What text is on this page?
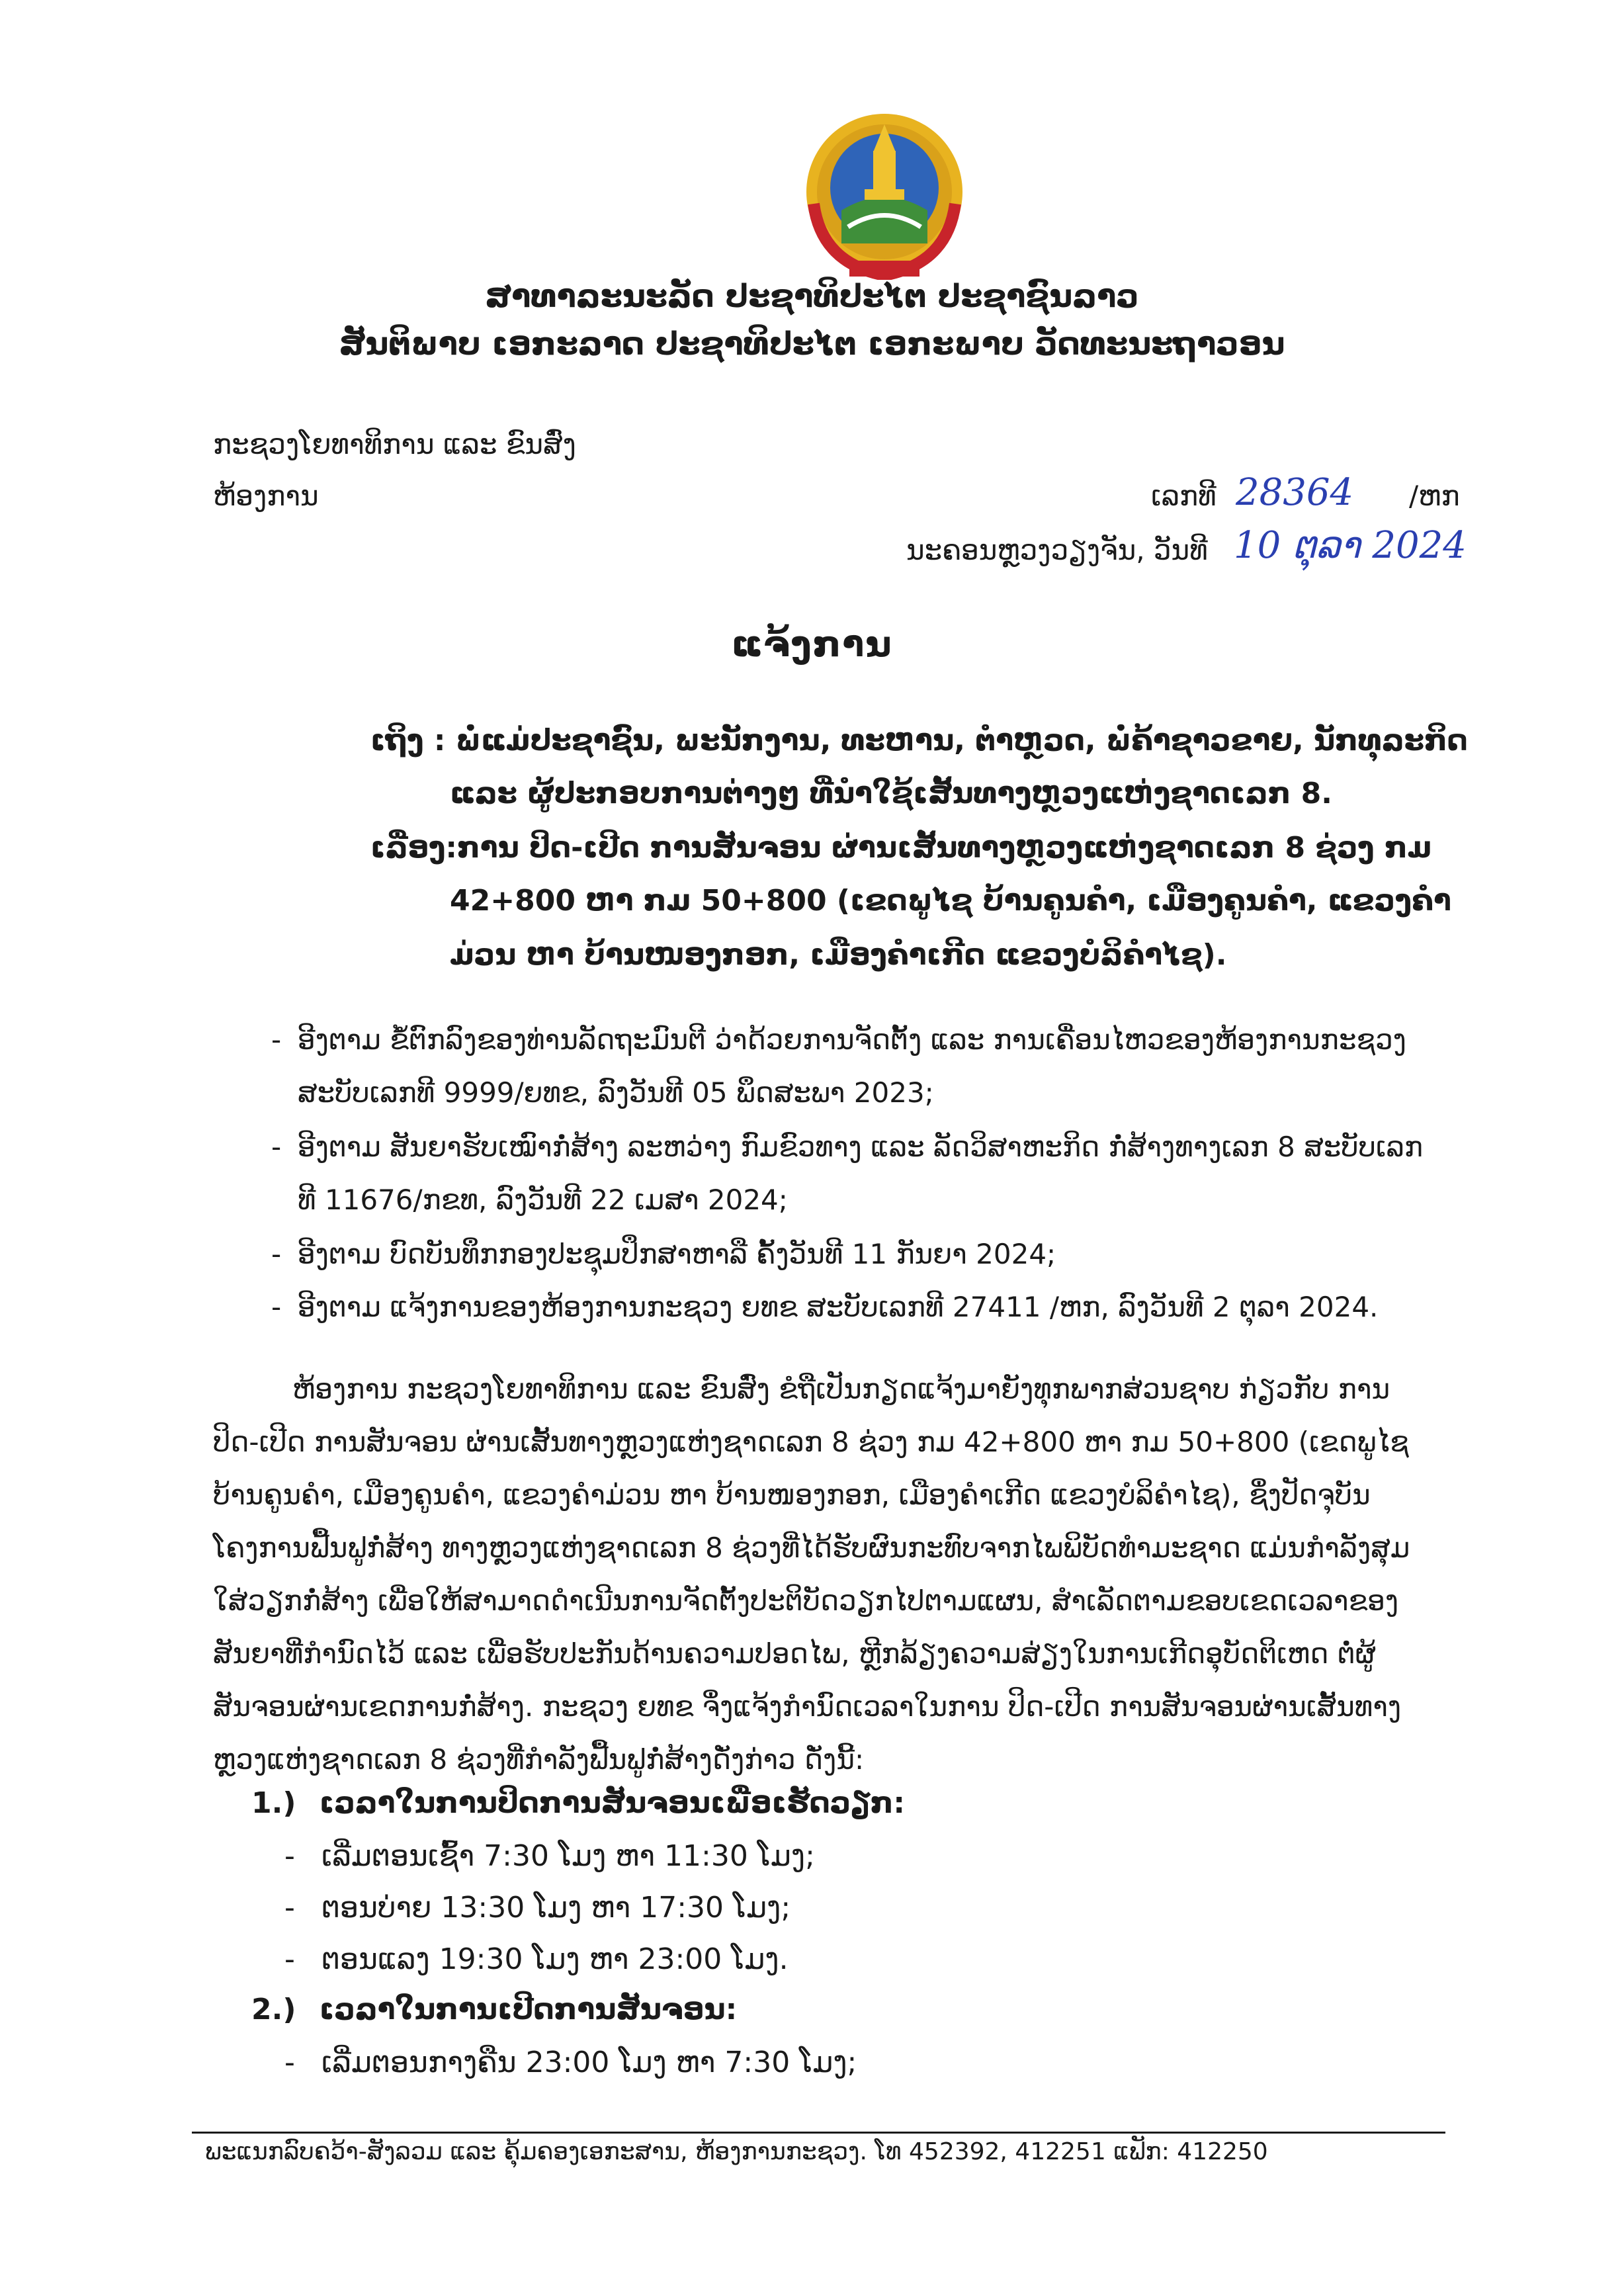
ສາທາລະນະລັດ ປະຊາທິປະໄຕ ປະຊາຊົນລາວ
ສັນຕິພາບ ເອກະລາດ ປະຊາທິປະໄຕ ເອກະພາບ ວັດທະນະຖາວອນ
ກະຊວງໂຍທາທິການ ແລະ ຂົນສົ່ງ
ຫ້ອງການ	ເລກທີ 28364 /ຫກ
ນະຄອນຫຼວງວຽງຈັນ, ວັນທີ 10 ຕຸລາ 2024
ແຈ້ງການ
ເຖິງ : ພໍ່ແມ່ປະຊາຊົນ, ພະນັກງານ, ທະຫານ, ຕຳຫຼວດ, ພໍ່ຄ້າຊາວຂາຍ, ນັກທຸລະກິດ
ແລະ ຜູ້ປະກອບການຕ່າງໆ ທີ່ນຳໃຊ້ເສັ້ນທາງຫຼວງແຫ່ງຊາດເລກ 8.
ເລື່ອງ:ການ ປິດ-ເປີດ ການສັນຈອນ ຜ່ານເສັ້ນທາງຫຼວງແຫ່ງຊາດເລກ 8 ຊ່ວງ ກມ
42+800 ຫາ ກມ 50+800 (ເຂດພູໄຊ ບ້ານຄູນຄຳ, ເມືອງຄູນຄຳ, ແຂວງຄຳ
ມ່ວນ ຫາ ບ້ານໜອງກອກ, ເມືອງຄຳເກີດ ແຂວງບໍລິຄຳໄຊ).
- ອີງຕາມ ຂໍ້ຕົກລົງຂອງທ່ານລັດຖະມົນຕີ ວ່າດ້ວຍການຈັດຕັ້ງ ແລະ ການເຄື່ອນໄຫວຂອງຫ້ອງການກະຊວງ
ສະບັບເລກທີ 9999/ຍທຂ, ລົງວັນທີ 05 ພຶດສະພາ 2023;
- ອີງຕາມ ສັນຍາຮັບເໝົາກໍ່ສ້າງ ລະຫວ່າງ ກົມຂົວທາງ ແລະ ລັດວິສາຫະກິດ ກໍ່ສ້າງທາງເລກ 8 ສະບັບເລກ
ທີ 11676/ກຂທ, ລົງວັນທີ 22 ເມສາ 2024;
- ອີງຕາມ ບົດບັນທຶກກອງປະຊຸມປຶກສາຫາລື ຄັ້ງວັນທີ 11 ກັນຍາ 2024;
- ອີງຕາມ ແຈ້ງການຂອງຫ້ອງການກະຊວງ ຍທຂ ສະບັບເລກທີ 27411 /ຫກ, ລົງວັນທີ 2 ຕຸລາ 2024.
ຫ້ອງການ ກະຊວງໂຍທາທິການ ແລະ ຂົນສົ່ງ ຂໍຖືເປັນກຽດແຈ້ງມາຍັງທຸກພາກສ່ວນຊາບ ກ່ຽວກັບ ການ
ປິດ-ເປີດ ການສັນຈອນ ຜ່ານເສັ້ນທາງຫຼວງແຫ່ງຊາດເລກ 8 ຊ່ວງ ກມ 42+800 ຫາ ກມ 50+800 (ເຂດພູໄຊ
ບ້ານຄູນຄຳ, ເມືອງຄູນຄຳ, ແຂວງຄຳມ່ວນ ຫາ ບ້ານໜອງກອກ, ເມືອງຄຳເກີດ ແຂວງບໍລິຄຳໄຊ), ຊຶ່ງປັດຈຸບັນ
ໂຄງການຟື້ນຟູກໍ່ສ້າງ ທາງຫຼວງແຫ່ງຊາດເລກ 8 ຊ່ວງທີ່ໄດ້ຮັບຜົນກະທົບຈາກໄພພິບັດທຳມະຊາດ ແມ່ນກຳລັງສຸມ
ໃສ່ວຽກກໍ່ສ້າງ ເພື່ອໃຫ້ສາມາດດຳເນີນການຈັດຕັ້ງປະຕິບັດວຽກໄປຕາມແຜນ, ສຳເລັດຕາມຂອບເຂດເວລາຂອງ
ສັນຍາທີ່ກຳນົດໄວ້ ແລະ ເພື່ອຮັບປະກັນດ້ານຄວາມປອດໄພ, ຫຼີກລ້ຽງຄວາມສ່ຽງໃນການເກີດອຸບັດຕິເຫດ ຕໍ່ຜູ້
ສັນຈອນຜ່ານເຂດການກໍ່ສ້າງ. ກະຊວງ ຍທຂ ຈຶ່ງແຈ້ງກຳນົດເວລາໃນການ ປິດ-ເປີດ ການສັນຈອນຜ່ານເສັ້ນທາງ
ຫຼວງແຫ່ງຊາດເລກ 8 ຊ່ວງທີ່ກຳລັງຟື້ນຟູກໍ່ສ້າງດັ່ງກ່າວ ດັ່ງນີ້:
1.) ເວລາໃນການປິດການສັນຈອນເພື່ອເຮັດວຽກ:
- ເລີ່ມຕອນເຊົ້າ 7:30 ໂມງ ຫາ 11:30 ໂມງ;
- ຕອນບ່າຍ 13:30 ໂມງ ຫາ 17:30 ໂມງ;
- ຕອນແລງ 19:30 ໂມງ ຫາ 23:00 ໂມງ.
2.) ເວລາໃນການເປີດການສັນຈອນ:
- ເລີ່ມຕອນກາງຄືນ 23:00 ໂມງ ຫາ 7:30 ໂມງ;
ພະແນກລົບຄວ້າ-ສັງລວມ ແລະ ຄຸ້ມຄອງເອກະສານ, ຫ້ອງການກະຊວງ. ໂທ 452392, 412251 ແຟັກ: 412250
